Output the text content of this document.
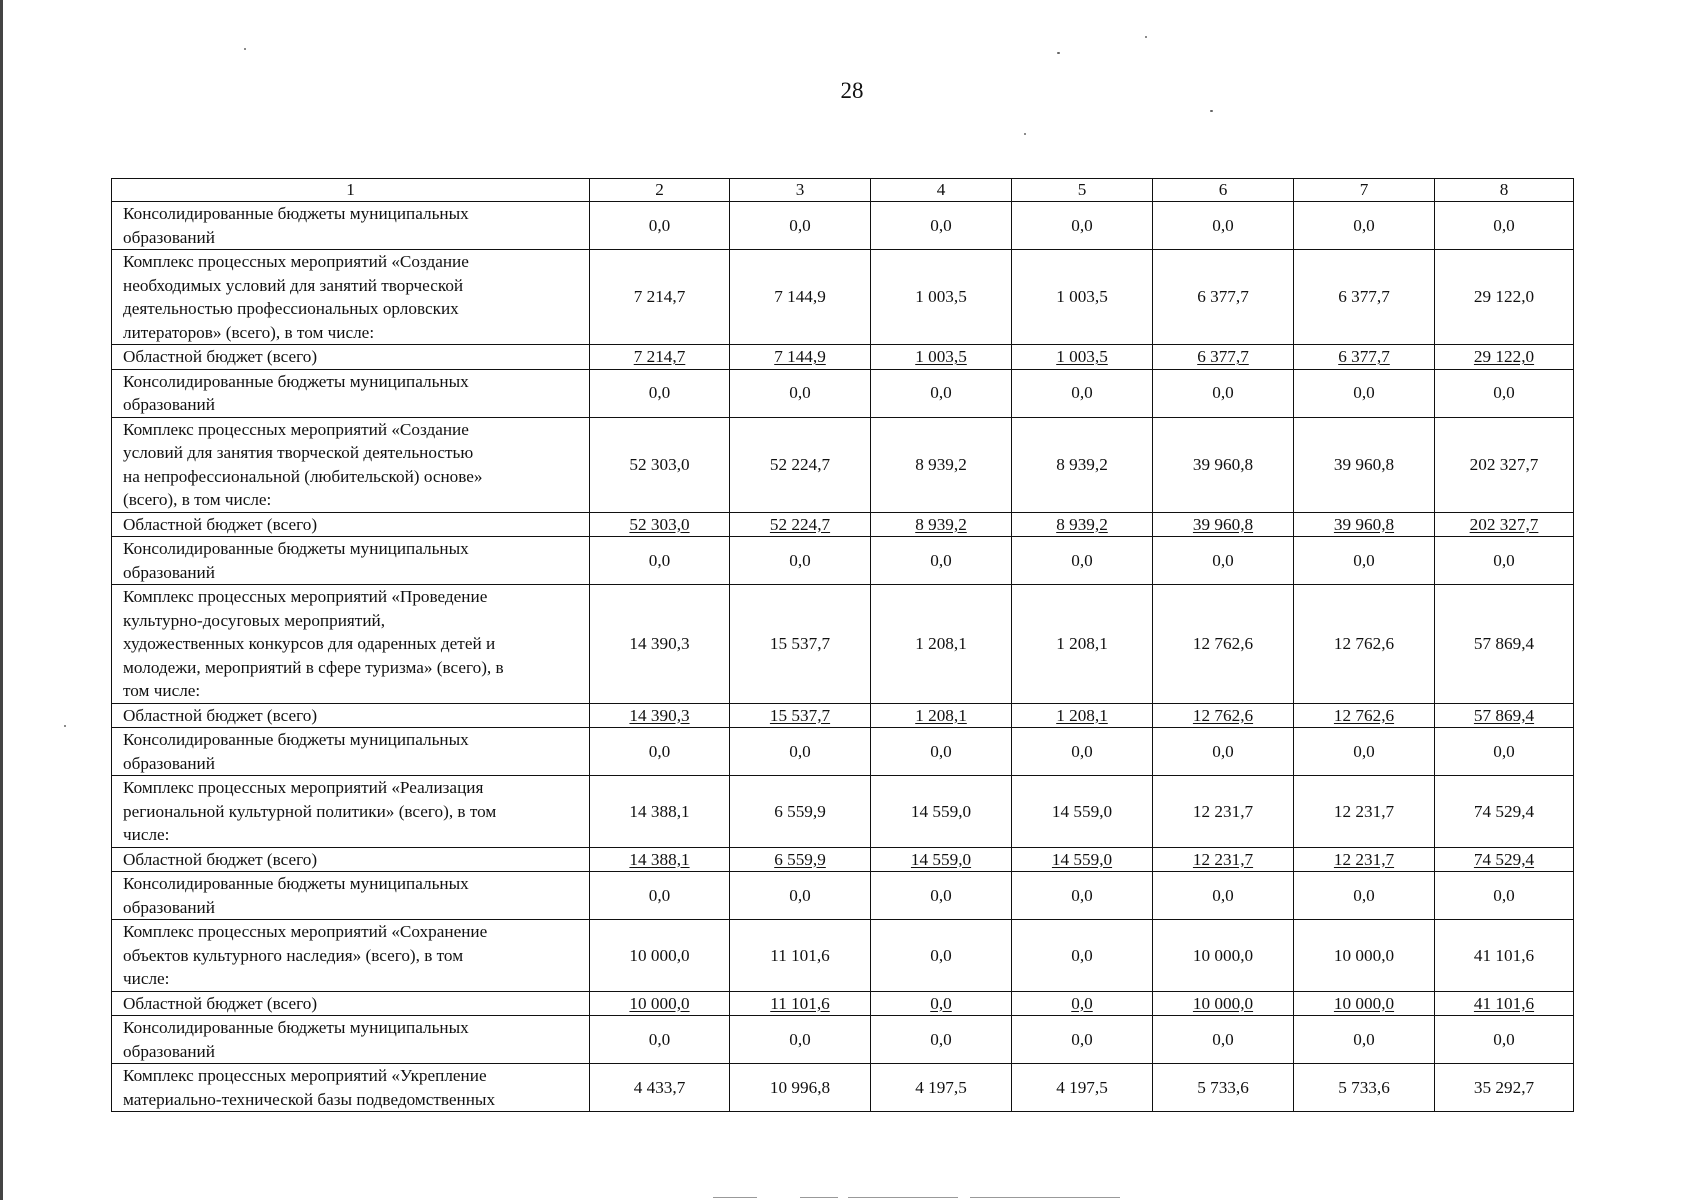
28
1	2	3	4	5	6	7	8

Консолидированные бюджеты муниципальных
образований	0,0	0,0	0,0	0,0	0,0	0,0	0,0

Комплекс процессных мероприятий «Создание
необходимых условий для занятий творческой
деятельностью профессиональных орловских
литераторов» (всего), в том числе:	7 214,7	7 144,9	1 003,5	1 003,5	6 377,7	6 377,7	29 122,0

Областной бюджет (всего)	7 214,7	7 144,9	1 003,5	1 003,5	6 377,7	6 377,7	29 122,0

Консолидированные бюджеты муниципальных
образований	0,0	0,0	0,0	0,0	0,0	0,0	0,0

Комплекс процессных мероприятий «Создание
условий для занятия творческой деятельностью
на непрофессиональной (любительской) основе»
(всего), в том числе:	52 303,0	52 224,7	8 939,2	8 939,2	39 960,8	39 960,8	202 327,7

Областной бюджет (всего)	52 303,0	52 224,7	8 939,2	8 939,2	39 960,8	39 960,8	202 327,7

Консолидированные бюджеты муниципальных
образований	0,0	0,0	0,0	0,0	0,0	0,0	0,0

Комплекс процессных мероприятий «Проведение
культурно-досуговых мероприятий,
художественных конкурсов для одаренных детей и
молодежи, мероприятий в сфере туризма» (всего), в
том числе:	14 390,3	15 537,7	1 208,1	1 208,1	12 762,6	12 762,6	57 869,4

Областной бюджет (всего)	14 390,3	15 537,7	1 208,1	1 208,1	12 762,6	12 762,6	57 869,4

Консолидированные бюджеты муниципальных
образований	0,0	0,0	0,0	0,0	0,0	0,0	0,0

Комплекс процессных мероприятий «Реализация
региональной культурной политики» (всего), в том
числе:	14 388,1	6 559,9	14 559,0	14 559,0	12 231,7	12 231,7	74 529,4

Областной бюджет (всего)	14 388,1	6 559,9	14 559,0	14 559,0	12 231,7	12 231,7	74 529,4

Консолидированные бюджеты муниципальных
образований	0,0	0,0	0,0	0,0	0,0	0,0	0,0

Комплекс процессных мероприятий «Сохранение
объектов культурного наследия» (всего), в том
числе:	10 000,0	11 101,6	0,0	0,0	10 000,0	10 000,0	41 101,6

Областной бюджет (всего)	10 000,0	11 101,6	0,0	0,0	10 000,0	10 000,0	41 101,6

Консолидированные бюджеты муниципальных
образований	0,0	0,0	0,0	0,0	0,0	0,0	0,0

Комплекс процессных мероприятий «Укрепление
материально-технической базы подведомственных	4 433,7	10 996,8	4 197,5	4 197,5	5 733,6	5 733,6	35 292,7
